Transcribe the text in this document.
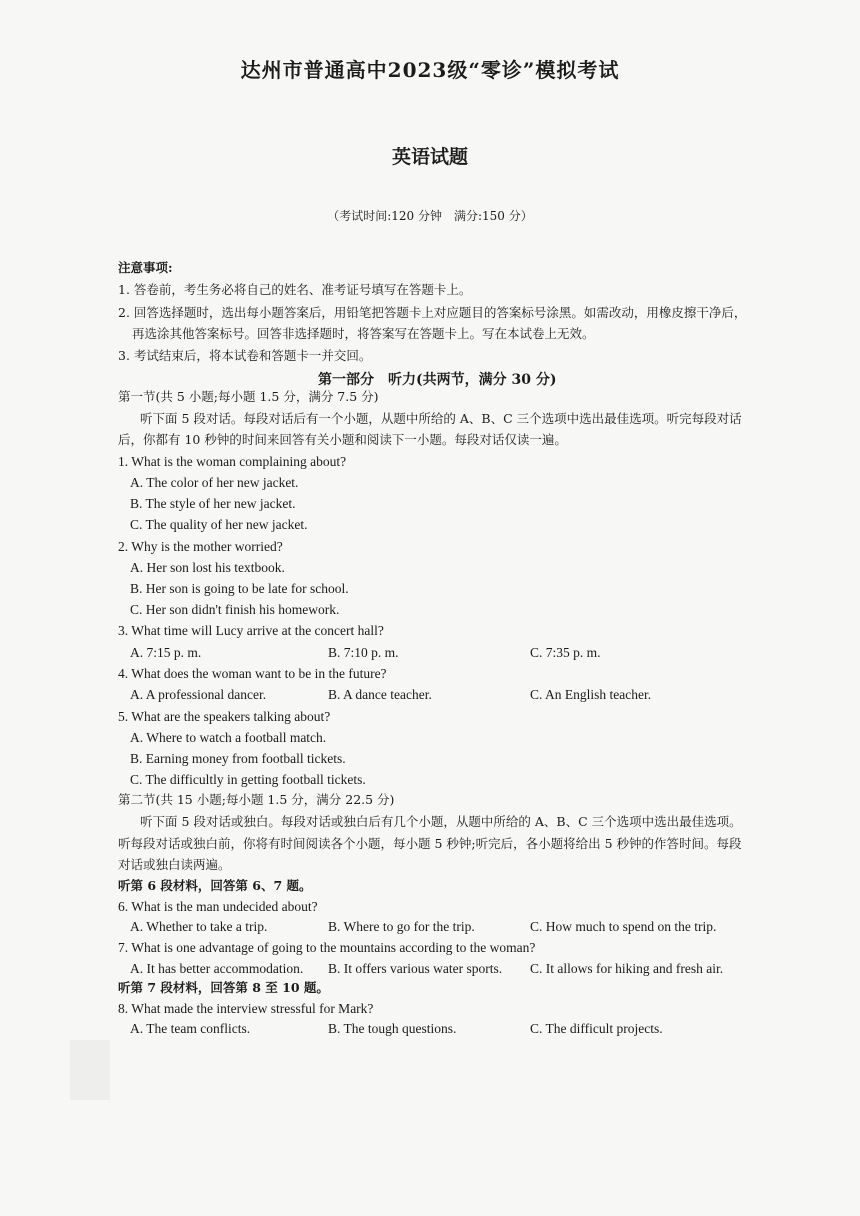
达州市普通高中2023级“零诊”模拟考试
英语试题
（考试时间:120 分钟　满分:150 分）
注意事项:
1. 答卷前，考生务必将自己的姓名、准考证号填写在答题卡上。
2. 回答选择题时，选出每小题答案后，用铅笔把答题卡上对应题目的答案标号涂黑。如需改动，用橡皮擦干净后，
再选涂其他答案标号。回答非选择题时，将答案写在答题卡上。写在本试卷上无效。
3. 考试结束后，将本试卷和答题卡一并交回。
第一部分　听力(共两节，满分 30 分)
第一节(共 5 小题;每小题 1.5 分，满分 7.5 分)
听下面 5 段对话。每段对话后有一个小题，从题中所给的 A、B、C 三个选项中选出最佳选项。听完每段对话
后，你都有 10 秒钟的时间来回答有关小题和阅读下一小题。每段对话仅读一遍。
1. What is the woman complaining about?
A. The color of her new jacket.
B. The style of her new jacket.
C. The quality of her new jacket.
2. Why is the mother worried?
A. Her son lost his textbook.
B. Her son is going to be late for school.
C. Her son didn't finish his homework.
3. What time will Lucy arrive at the concert hall?
A. 7:15 p. m.	B. 7:10 p. m.	C. 7:35 p. m.
4. What does the woman want to be in the future?
A. A professional dancer.	B. A dance teacher.	C. An English teacher.
5. What are the speakers talking about?
A. Where to watch a football match.
B. Earning money from football tickets.
C. The difficultly in getting football tickets.
第二节(共 15 小题;每小题 1.5 分，满分 22.5 分)
听下面 5 段对话或独白。每段对话或独白后有几个小题，从题中所给的 A、B、C 三个选项中选出最佳选项。
听每段对话或独白前，你将有时间阅读各个小题，每小题 5 秒钟;听完后，各小题将给出 5 秒钟的作答时间。每段
对话或独白读两遍。
听第 6 段材料，回答第 6、7 题。
6. What is the man undecided about?
A. Whether to take a trip.	B. Where to go for the trip.	C. How much to spend on the trip.
7. What is one advantage of going to the mountains according to the woman?
A. It has better accommodation. B. It offers various water sports. C. It allows for hiking and fresh air.
听第 7 段材料，回答第 8 至 10 题。
8. What made the interview stressful for Mark?
A. The team conflicts.	B. The tough questions.	C. The difficult projects.
